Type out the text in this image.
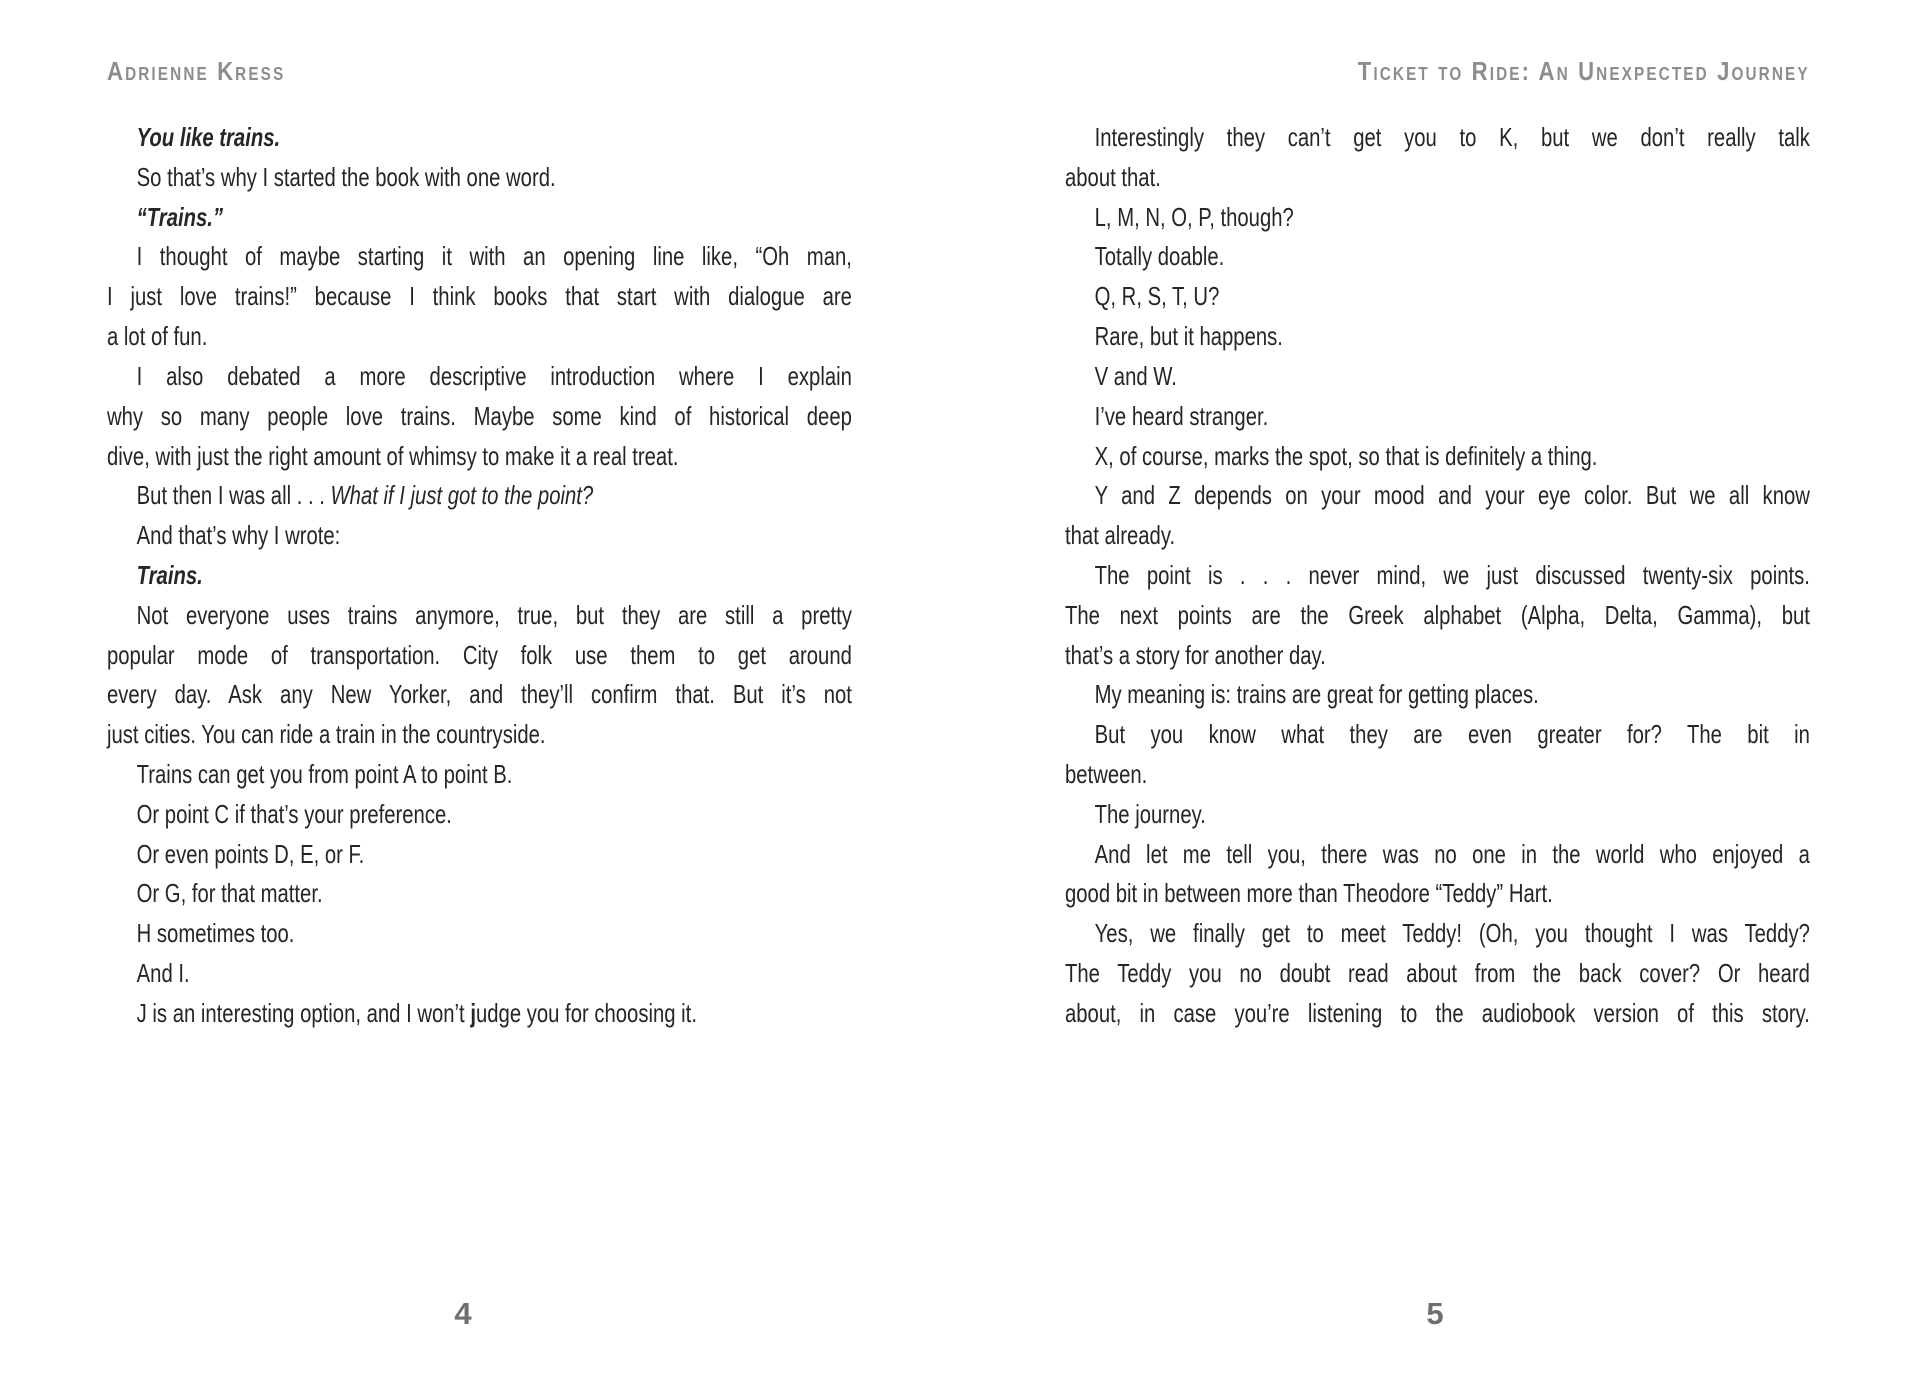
Adrienne Kress	Ticket to Ride: An Unexpected Journey
You like trains.
So that’s why I started the book with one word.
“Trains.”
I thought of maybe starting it with an opening line like, “Oh man,
I just love trains!” because I think books that start with dialogue are
a lot of fun.
I also debated a more descriptive introduction where I explain
why so many people love trains. Maybe some kind of historical deep
dive, with just the right amount of whimsy to make it a real treat.
But then I was all . . . What if I just got to the point?
And that’s why I wrote:
Trains.
Not everyone uses trains anymore, true, but they are still a pretty
popular mode of transportation. City folk use them to get around
every day. Ask any New Yorker, and they’ll confirm that. But it’s not
just cities. You can ride a train in the countryside.
Trains can get you from point A to point B.
Or point C if that’s your preference.
Or even points D, E, or F.
Or G, for that matter.
H sometimes too.
And I.
J is an interesting option, and I won’t judge you for choosing it.
Interestingly they can’t get you to K, but we don’t really talk
about that.
L, M, N, O, P, though?
Totally doable.
Q, R, S, T, U?
Rare, but it happens.
V and W.
I’ve heard stranger.
X, of course, marks the spot, so that is definitely a thing.
Y and Z depends on your mood and your eye color. But we all know
that already.
The point is . . . never mind, we just discussed twenty-six points.
The next points are the Greek alphabet (Alpha, Delta, Gamma), but
that’s a story for another day.
My meaning is: trains are great for getting places.
But you know what they are even greater for? The bit in
between.
The journey.
And let me tell you, there was no one in the world who enjoyed a
good bit in between more than Theodore “Teddy” Hart.
Yes, we finally get to meet Teddy! (Oh, you thought I was Teddy?
The Teddy you no doubt read about from the back cover? Or heard
about, in case you’re listening to the audiobook version of this story.
4	5
